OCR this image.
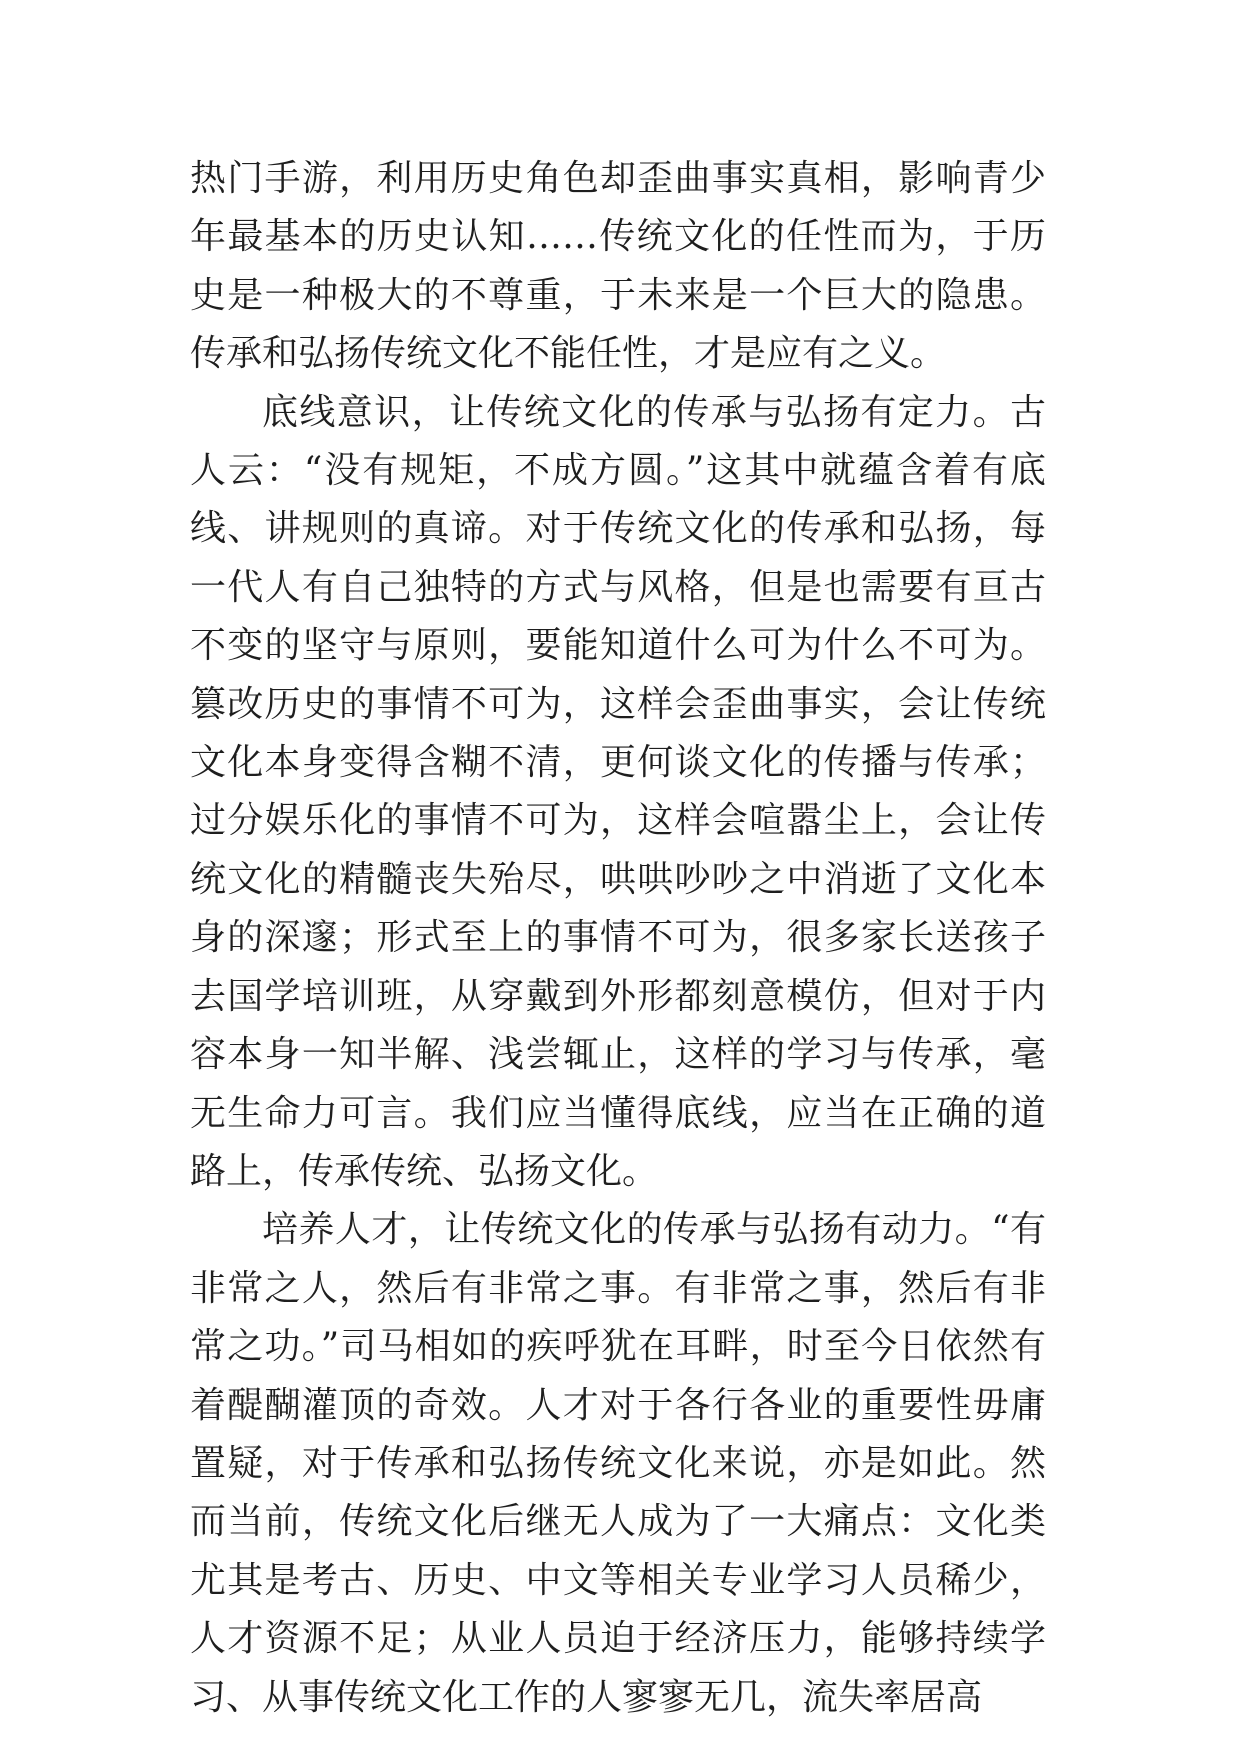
热门手游，利用历史角色却歪曲事实真相，影响青少年最基本的历史认知……传统文化的任性而为，于历史是一种极大的不尊重，于未来是一个巨大的隐患。传承和弘扬传统文化不能任性，才是应有之义。

底线意识，让传统文化的传承与弘扬有定力。古人云：“没有规矩，不成方圆。”这其中就蕴含着有底线、讲规则的真谛。对于传统文化的传承和弘扬，每一代人有自己独特的方式与风格，但是也需要有亘古不变的坚守与原则，要能知道什么可为什么不可为。篡改历史的事情不可为，这样会歪曲事实，会让传统文化本身变得含糊不清，更何谈文化的传播与传承；过分娱乐化的事情不可为，这样会喧嚣尘上，会让传统文化的精髓丧失殆尽，哄哄吵吵之中消逝了文化本身的深邃；形式至上的事情不可为，很多家长送孩子去国学培训班，从穿戴到外形都刻意模仿，但对于内容本身一知半解、浅尝辄止，这样的学习与传承，毫无生命力可言。我们应当懂得底线，应当在正确的道路上，传承传统、弘扬文化。

培养人才，让传统文化的传承与弘扬有动力。“有非常之人，然后有非常之事。有非常之事，然后有非常之功。”司马相如的疾呼犹在耳畔，时至今日依然有着醍醐灌顶的奇效。人才对于各行各业的重要性毋庸置疑，对于传承和弘扬传统文化来说，亦是如此。然而当前，传统文化后继无人成为了一大痛点：文化类尤其是考古、历史、中文等相关专业学习人员稀少，人才资源不足；从业人员迫于经济压力，能够持续学习、从事传统文化工作的人寥寥无几，流失率居高
